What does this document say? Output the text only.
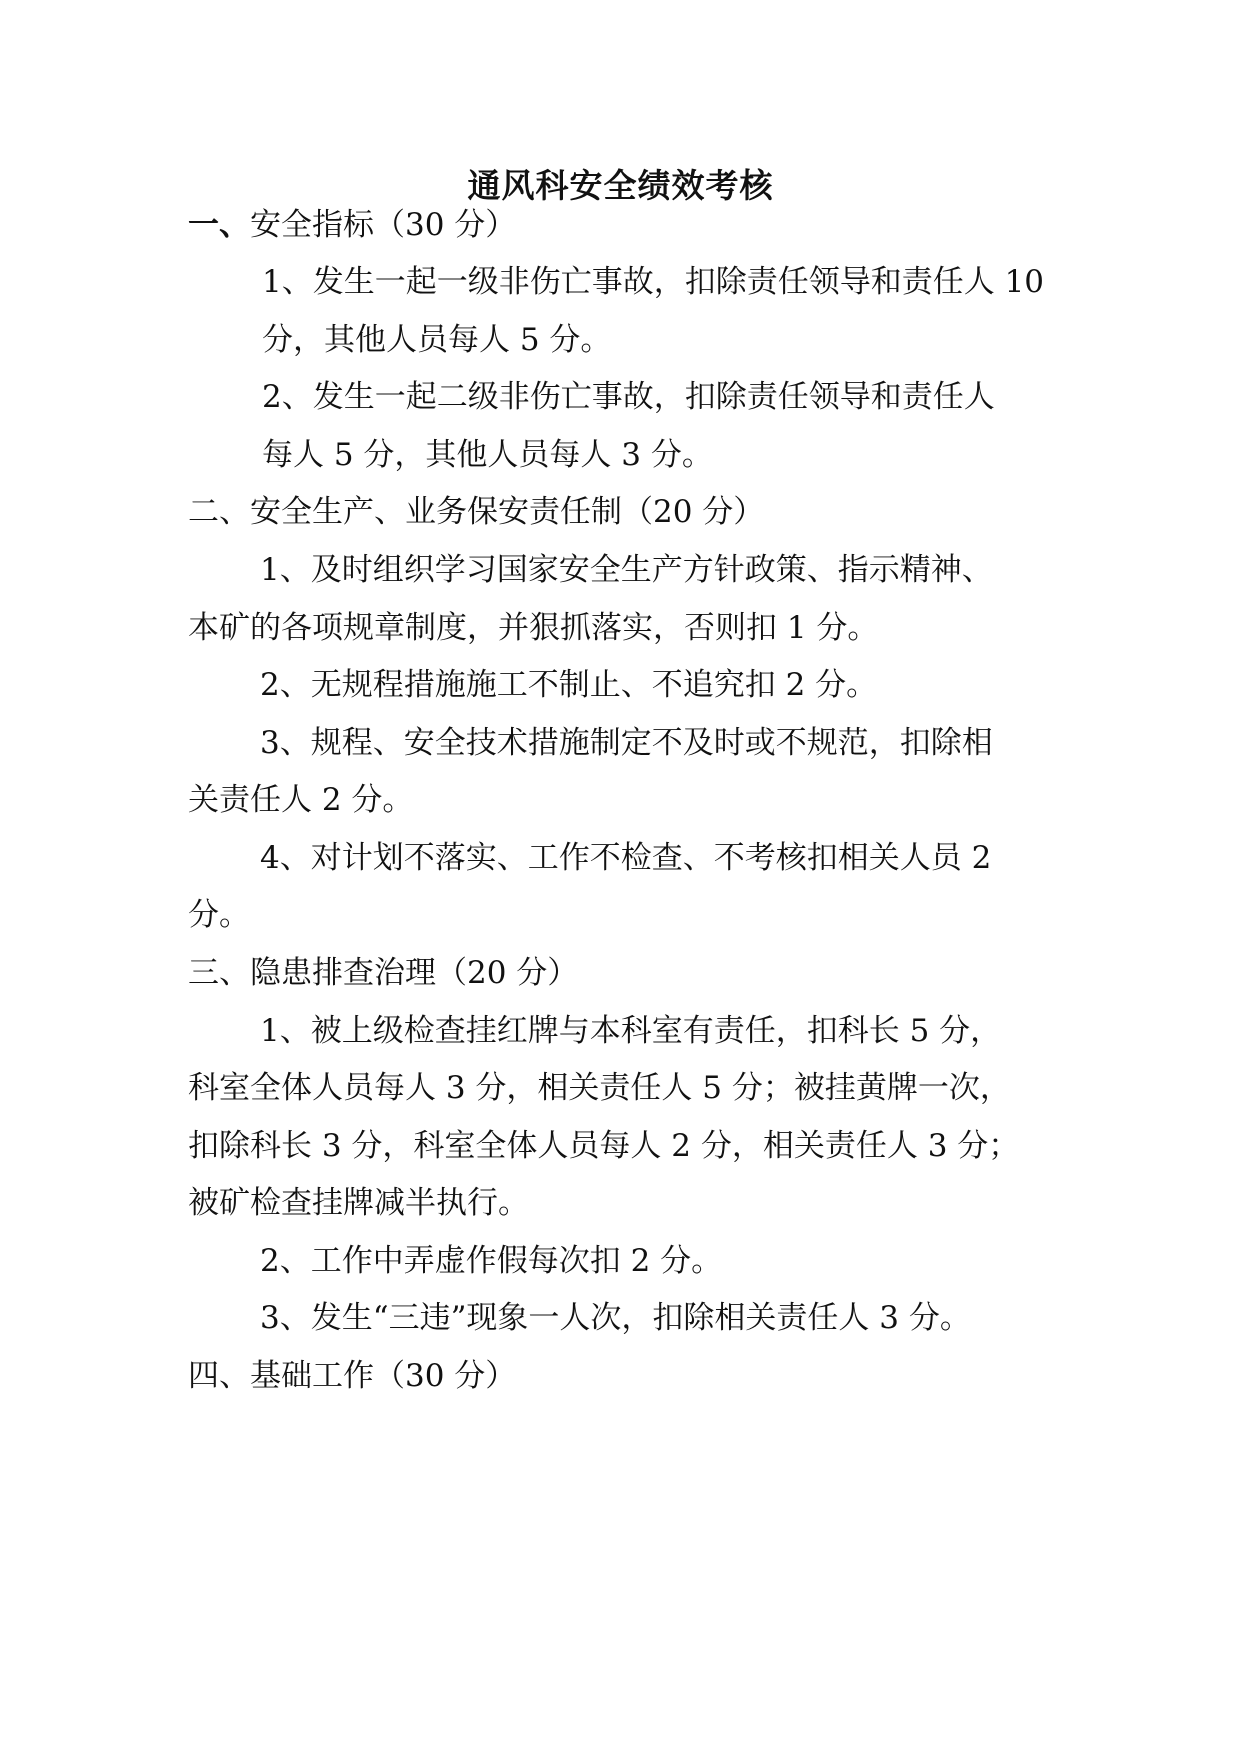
通风科安全绩效考核

一、安全指标（30 分）

1、发生一起一级非伤亡事故，扣除责任领导和责任人 10

分，其他人员每人 5 分。

2、发生一起二级非伤亡事故，扣除责任领导和责任人

每人 5 分，其他人员每人 3 分。

二、安全生产、业务保安责任制（20 分）

1、及时组织学习国家安全生产方针政策、指示精神、

本矿的各项规章制度，并狠抓落实，否则扣 1 分。

2、无规程措施施工不制止、不追究扣 2 分。

3、规程、安全技术措施制定不及时或不规范，扣除相

关责任人 2 分。

4、对计划不落实、工作不检查、不考核扣相关人员 2

分。

三、隐患排查治理（20 分）

1、被上级检查挂红牌与本科室有责任，扣科长 5 分，

科室全体人员每人 3 分，相关责任人 5 分；被挂黄牌一次，

扣除科长 3 分，科室全体人员每人 2 分，相关责任人 3 分；

被矿检查挂牌减半执行。

2、工作中弄虚作假每次扣 2 分。

3、发生“三违”现象一人次，扣除相关责任人 3 分。

四、基础工作（30 分）
